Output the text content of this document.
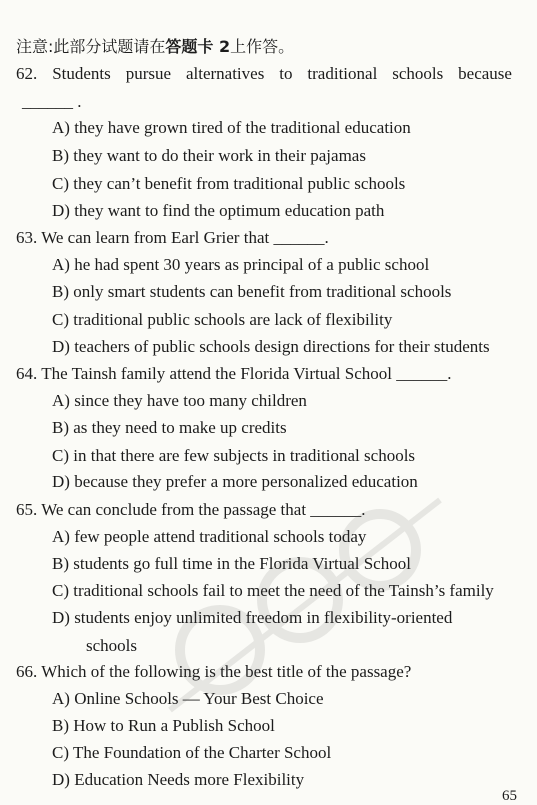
注意:此部分试题请在答题卡 2上作答。
62. Students pursue alternatives to traditional schools because
______ .
A) they have grown tired of the traditional education
B) they want to do their work in their pajamas
C) they can’t benefit from traditional public schools
D) they want to find the optimum education path
63. We can learn from Earl Grier that ______.
A) he had spent 30 years as principal of a public school
B) only smart students can benefit from traditional schools
C) traditional public schools are lack of flexibility
D) teachers of public schools design directions for their students
64. The Tainsh family attend the Florida Virtual School ______.
A) since they have too many children
B) as they need to make up credits
C) in that there are few subjects in traditional schools
D) because they prefer a more personalized education
65. We can conclude from the passage that ______.
A) few people attend traditional schools today
B) students go full time in the Florida Virtual School
C) traditional schools fail to meet the need of the Tainsh’s family
D) students enjoy unlimited freedom in flexibility-oriented
schools
66. Which of the following is the best title of the passage?
A) Online Schools — Your Best Choice
B) How to Run a Publish School
C) The Foundation of the Charter School
D) Education Needs more Flexibility
65
